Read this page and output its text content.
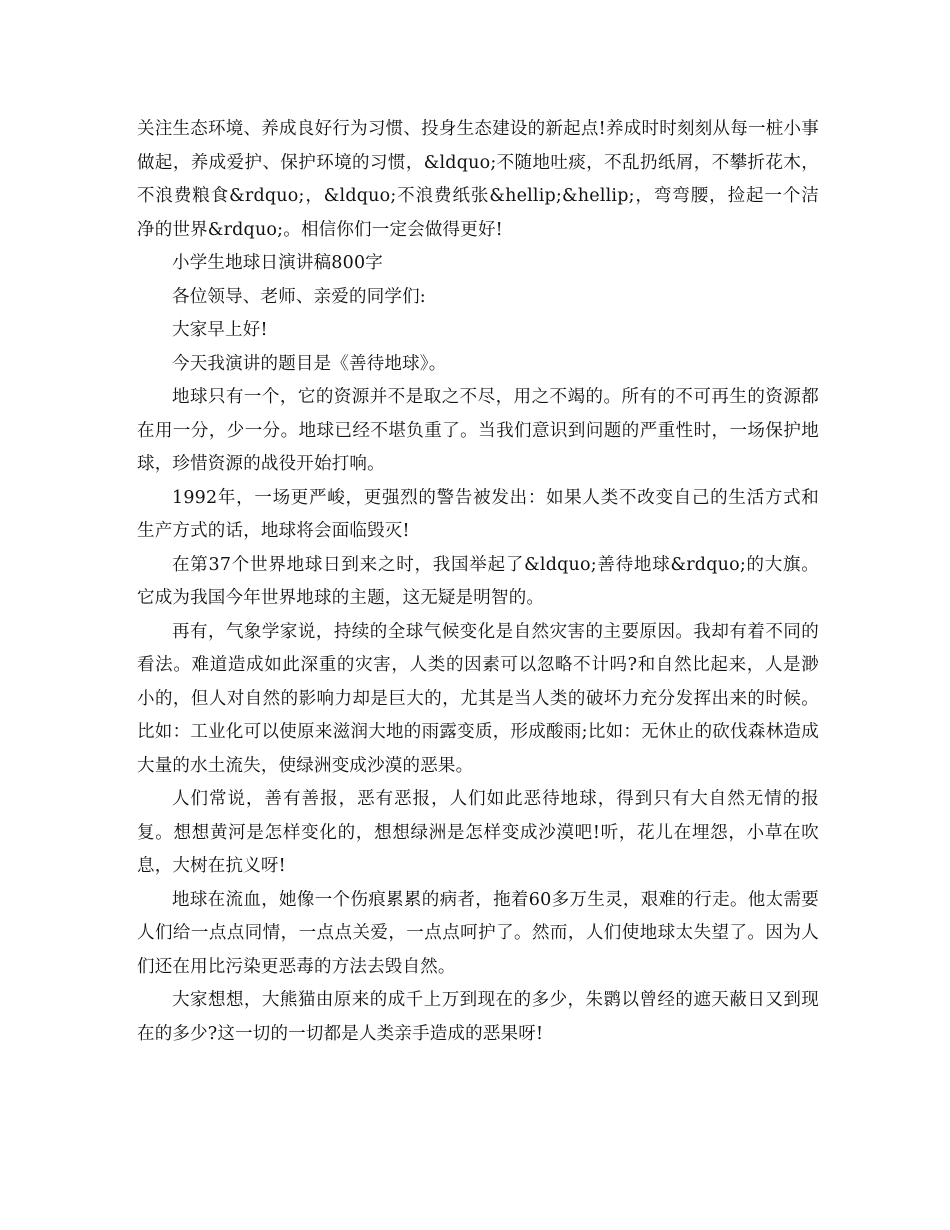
关注生态环境、养成良好行为习惯、投身生态建设的新起点!养成时时刻刻从每一桩小事做起，养成爱护、保护环境的习惯，&ldquo;不随地吐痰，不乱扔纸屑，不攀折花木，不浪费粮食&rdquo;，&ldquo;不浪费纸张&hellip;&hellip;，弯弯腰，捡起一个洁净的世界&rdquo;。相信你们一定会做得更好!

小学生地球日演讲稿800字

各位领导、老师、亲爱的同学们:

大家早上好!

今天我演讲的题目是《善待地球》。

地球只有一个，它的资源并不是取之不尽，用之不竭的。所有的不可再生的资源都在用一分，少一分。地球已经不堪负重了。当我们意识到问题的严重性时，一场保护地球，珍惜资源的战役开始打响。

1992年，一场更严峻，更强烈的警告被发出：如果人类不改变自己的生活方式和生产方式的话，地球将会面临毁灭!

在第37个世界地球日到来之时，我国举起了&ldquo;善待地球&rdquo;的大旗。它成为我国今年世界地球的主题，这无疑是明智的。

再有，气象学家说，持续的全球气候变化是自然灾害的主要原因。我却有着不同的看法。难道造成如此深重的灾害，人类的因素可以忽略不计吗?和自然比起来，人是渺小的，但人对自然的影响力却是巨大的，尤其是当人类的破坏力充分发挥出来的时候。比如：工业化可以使原来滋润大地的雨露变质，形成酸雨;比如：无休止的砍伐森林造成大量的水土流失，使绿洲变成沙漠的恶果。

人们常说，善有善报，恶有恶报，人们如此恶待地球，得到只有大自然无情的报复。想想黄河是怎样变化的，想想绿洲是怎样变成沙漠吧!听，花儿在埋怨，小草在吹息，大树在抗义呀!

地球在流血，她像一个伤痕累累的病者，拖着60多万生灵，艰难的行走。他太需要人们给一点点同情，一点点关爱，一点点呵护了。然而，人们使地球太失望了。因为人们还在用比污染更恶毒的方法去毁自然。

大家想想，大熊猫由原来的成千上万到现在的多少，朱鹮以曾经的遮天蔽日又到现在的多少?这一切的一切都是人类亲手造成的恶果呀!
